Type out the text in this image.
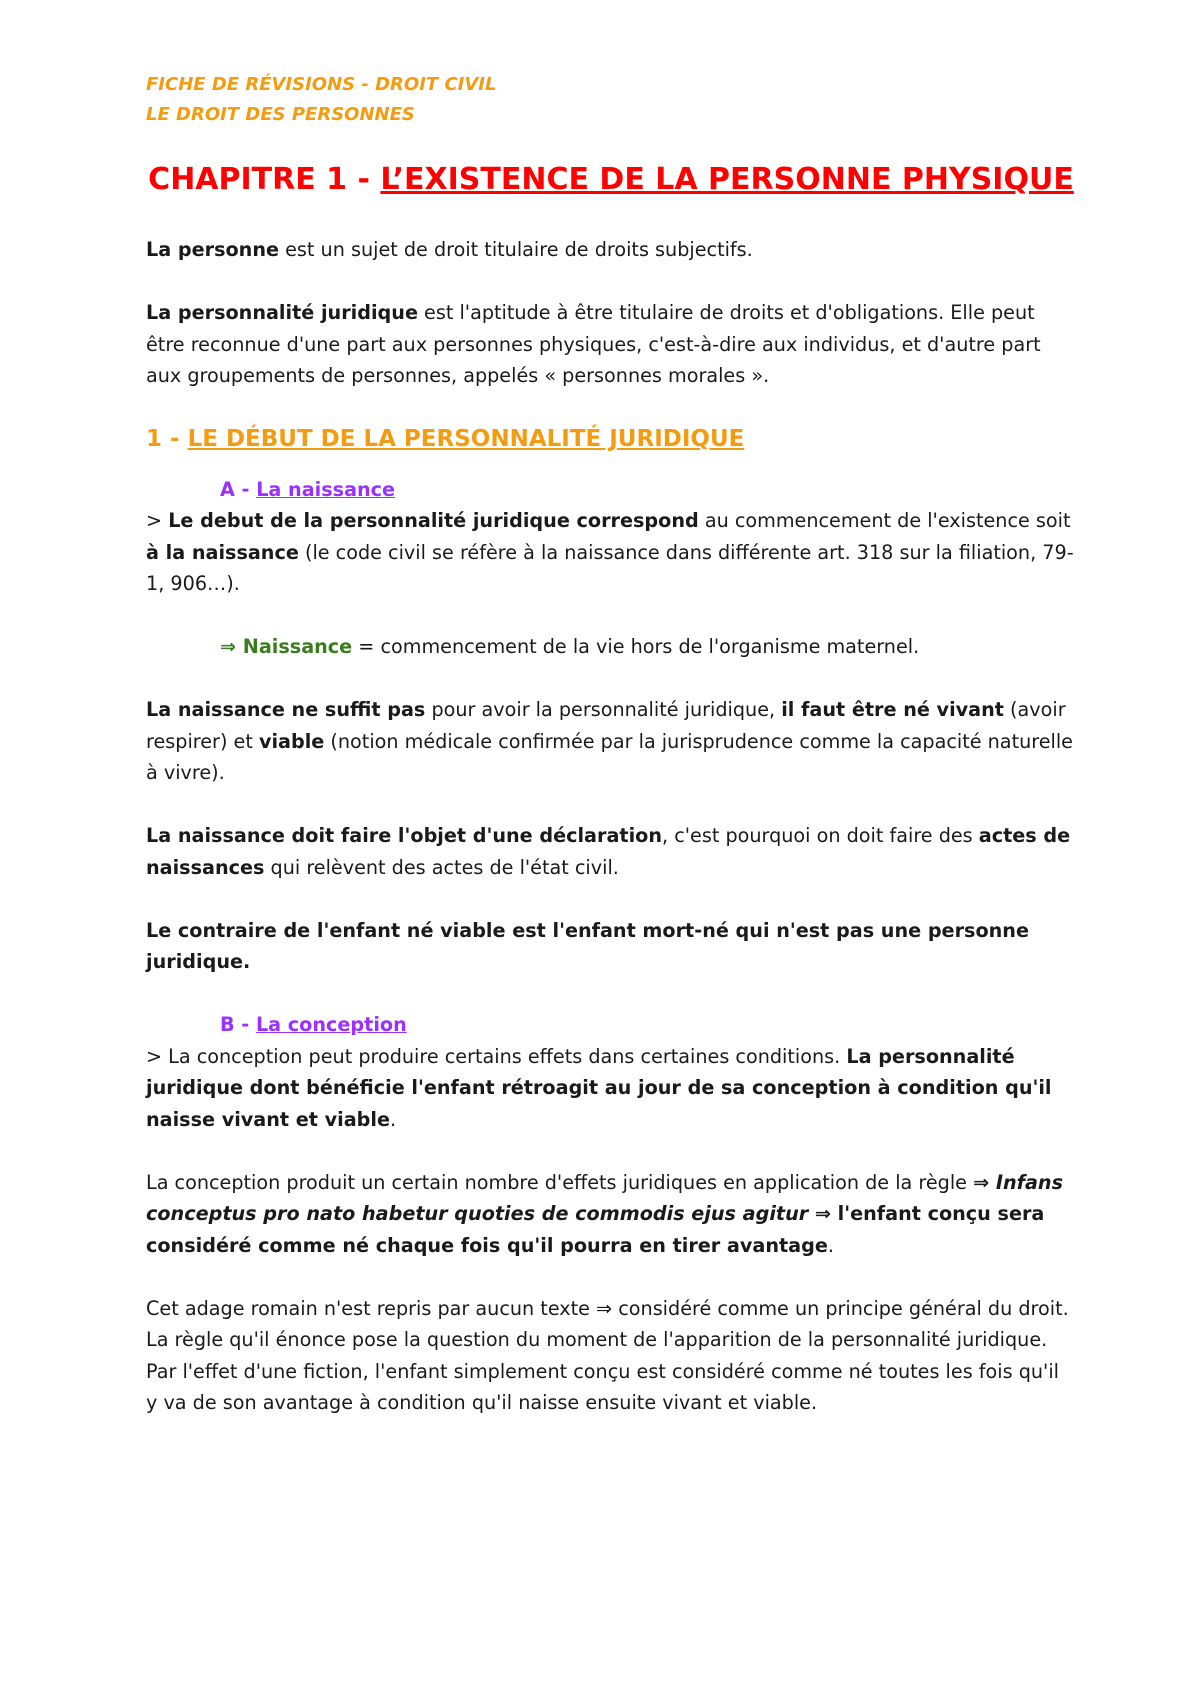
FICHE DE RÉVISIONS - DROIT CIVIL
LE DROIT DES PERSONNES
CHAPITRE 1 - L’EXISTENCE DE LA PERSONNE PHYSIQUE

La personne est un sujet de droit titulaire de droits subjectifs.

La personnalité juridique est l'aptitude à être titulaire de droits et d'obligations. Elle peut être reconnue d'une part aux personnes physiques, c'est-à-dire aux individus, et d'autre part aux groupements de personnes, appelés « personnes morales ».

1 - LE DÉBUT DE LA PERSONNALITÉ JURIDIQUE
A - La naissance

> Le debut de la personnalité juridique correspond au commencement de l'existence soit à la naissance (le code civil se réfère à la naissance dans différente art. 318 sur la filiation, 79-1, 906…).

⇒ Naissance = commencement de la vie hors de l'organisme maternel.

La naissance ne suffit pas pour avoir la personnalité juridique, il faut être né vivant (avoir respirer) et viable (notion médicale confirmée par la jurisprudence comme la capacité naturelle à vivre).

La naissance doit faire l'objet d'une déclaration, c'est pourquoi on doit faire des actes de naissances qui relèvent des actes de l'état civil.

Le contraire de l'enfant né viable est l'enfant mort-né qui n'est pas une personne juridique.

B - La conception

> La conception peut produire certains effets dans certaines conditions. La personnalité juridique dont bénéficie l'enfant rétroagit au jour de sa conception à condition qu'il naisse vivant et viable.

La conception produit un certain nombre d'effets juridiques en application de la règle ⇒ Infans conceptus pro nato habetur quoties de commodis ejus agitur ⇒ l'enfant conçu sera considéré comme né chaque fois qu'il pourra en tirer avantage.

Cet adage romain n'est repris par aucun texte ⇒ considéré comme un principe général du droit. La règle qu'il énonce pose la question du moment de l'apparition de la personnalité juridique. Par l'effet d'une fiction, l'enfant simplement conçu est considéré comme né toutes les fois qu'il y va de son avantage à condition qu'il naisse ensuite vivant et viable.
